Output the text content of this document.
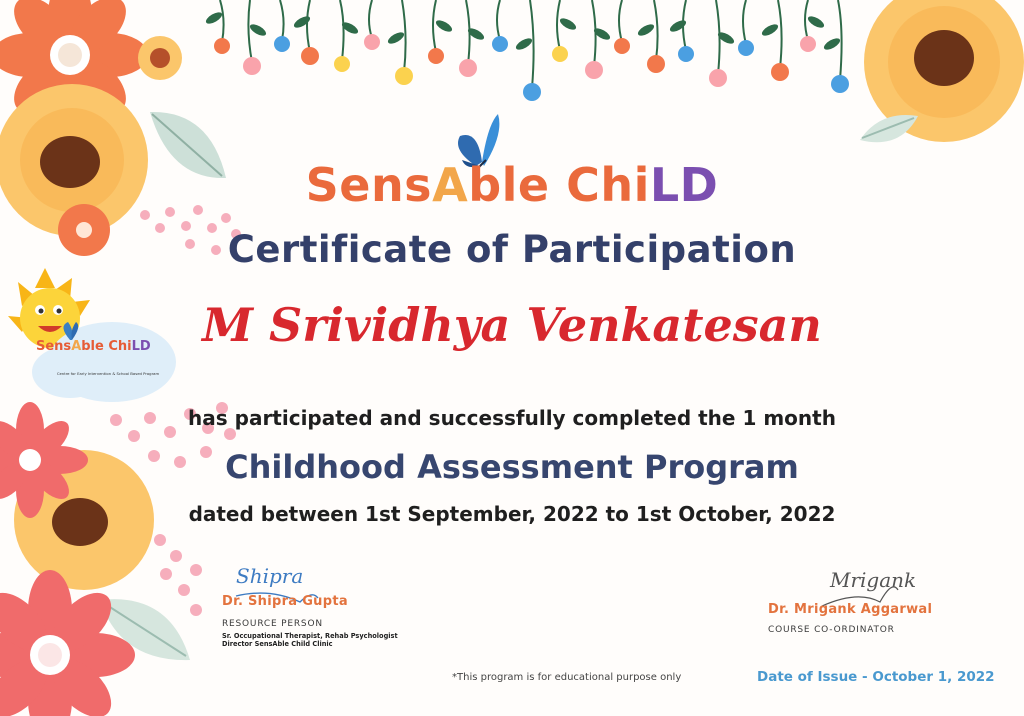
SensAble ChiLD
Centre for Early Intervention & School Based Program
SensAble ChiLD
Certificate of Participation
M Srividhya Venkatesan
has participated and successfully completed the 1 month
Childhood Assessment Program
dated between 1st September, 2022 to 1st October, 2022
Shipra
Dr. Shipra Gupta
RESOURCE PERSON
Sr. Occupational Therapist, Rehab Psychologist
Director SensAble Child Clinic
Mrigank
Dr. Mrigank Aggarwal
COURSE CO-ORDINATOR
*This program is for educational purpose only	Date of Issue - October 1, 2022
